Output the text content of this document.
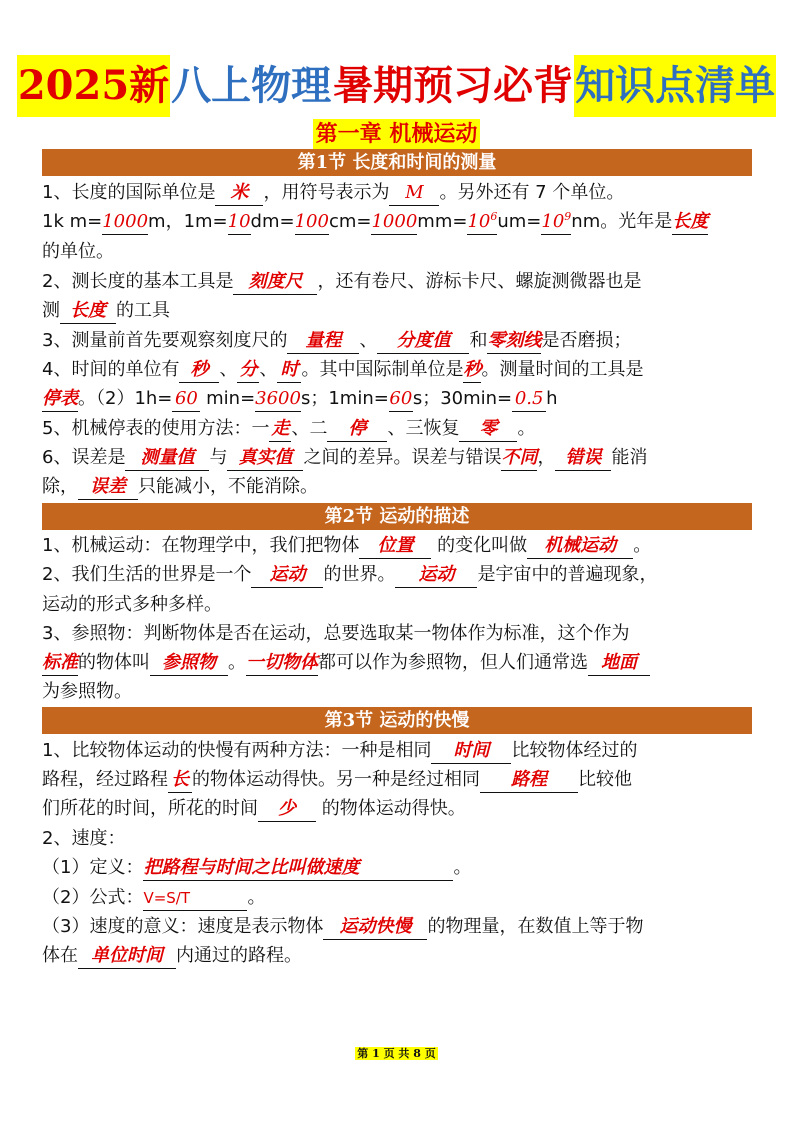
2025新八上物理暑期预习必背知识点清单
第一章 机械运动
第1节 长度和时间的测量
1、长度的国际单位是 米 ，用符号表示为 M 。另外还有 7 个单位。
1k m=1000m，$1m=10dm=100cm=1000mm=10^6um=10^9nm$。光年是长度
的单位。
2、测长度的基本工具是 刻度尺 ，还有卷尺、游标卡尺、螺旋测微器也是
测 长度 的工具
3、测量前首先要观察刻度尺的 量程 、 分度值 和零刻线是否磨损；
4、时间的单位有 秒 、 分 、 时 。其中国际制单位是秒。测量时间的工具是
停表。（2）1h= 60 min=3600s；1min=60s；30min= 0.5 h
5、机械停表的使用方法：一 走 、二 停 、三恢复 零 。
6、误差是 测量值 与 真实值 之间的差异。误差与错误不同， 错误 能消
除， 误差 只能减小，不能消除。
第2节 运动的描述
1、机械运动：在物理学中，我们把物体 位置 的变化叫做 机械运动 。
2、我们生活的世界是一个 运动 的世界。 运动 是宇宙中的普遍现象，
运动的形式多种多样。
3、参照物：判断物体是否在运动，总要选取某一物体作为标准，这个作为
标准的物体叫 参照物 。一切物体都可以作为参照物，但人们通常选 地面
为参照物。
第3节 运动的快慢
1、比较物体运动的快慢有两种方法：一种是相同 时间 比较物体经过的
路程，经过路程 长 的物体运动得快。另一种是经过相同 路程 比较他
们所花的时间，所花的时间 少 的物体运动得快。
2、速度：
（1）定义：把路程与时间之比叫做速度	。
（2）公式：V=S/T	。
（3）速度的意义：速度是表示物体 运动快慢 的物理量，在数值上等于物
体在 单位时间 内通过的路程。
第 1 页 共 8 页
